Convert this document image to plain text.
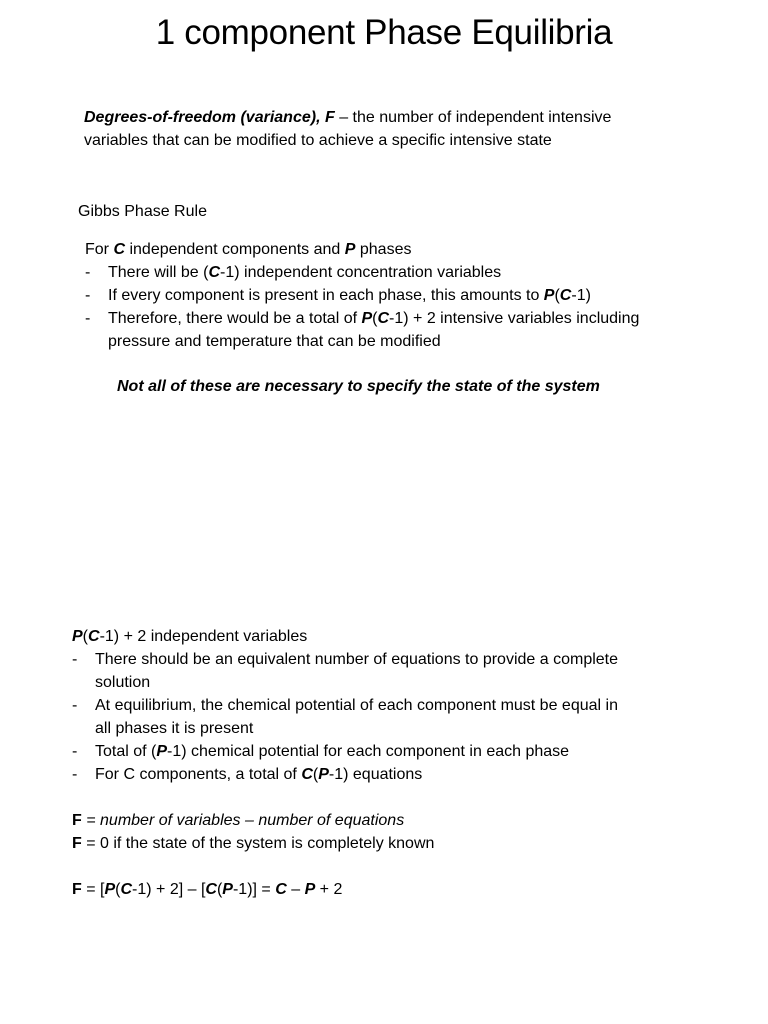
1 component Phase Equilibria
Degrees-of-freedom (variance), F – the number of independent intensive
variables that can be modified to achieve a specific intensive state
Gibbs Phase Rule
For C independent components and P phases
- There will be (C-1) independent concentration variables
- If every component is present in each phase, this amounts to P(C-1)
- Therefore, there would be a total of P(C-1) + 2 intensive variables including
pressure and temperature that can be modified
Not all of these are necessary to specify the state of the system
P(C-1) + 2 independent variables
- There should be an equivalent number of equations to provide a complete
solution
- At equilibrium, the chemical potential of each component must be equal in
all phases it is present
- Total of (P-1) chemical potential for each component in each phase
- For C components, a total of C(P-1) equations
F = number of variables – number of equations
F = 0 if the state of the system is completely known
F = [P(C-1) + 2] – [C(P-1)] = C – P + 2
